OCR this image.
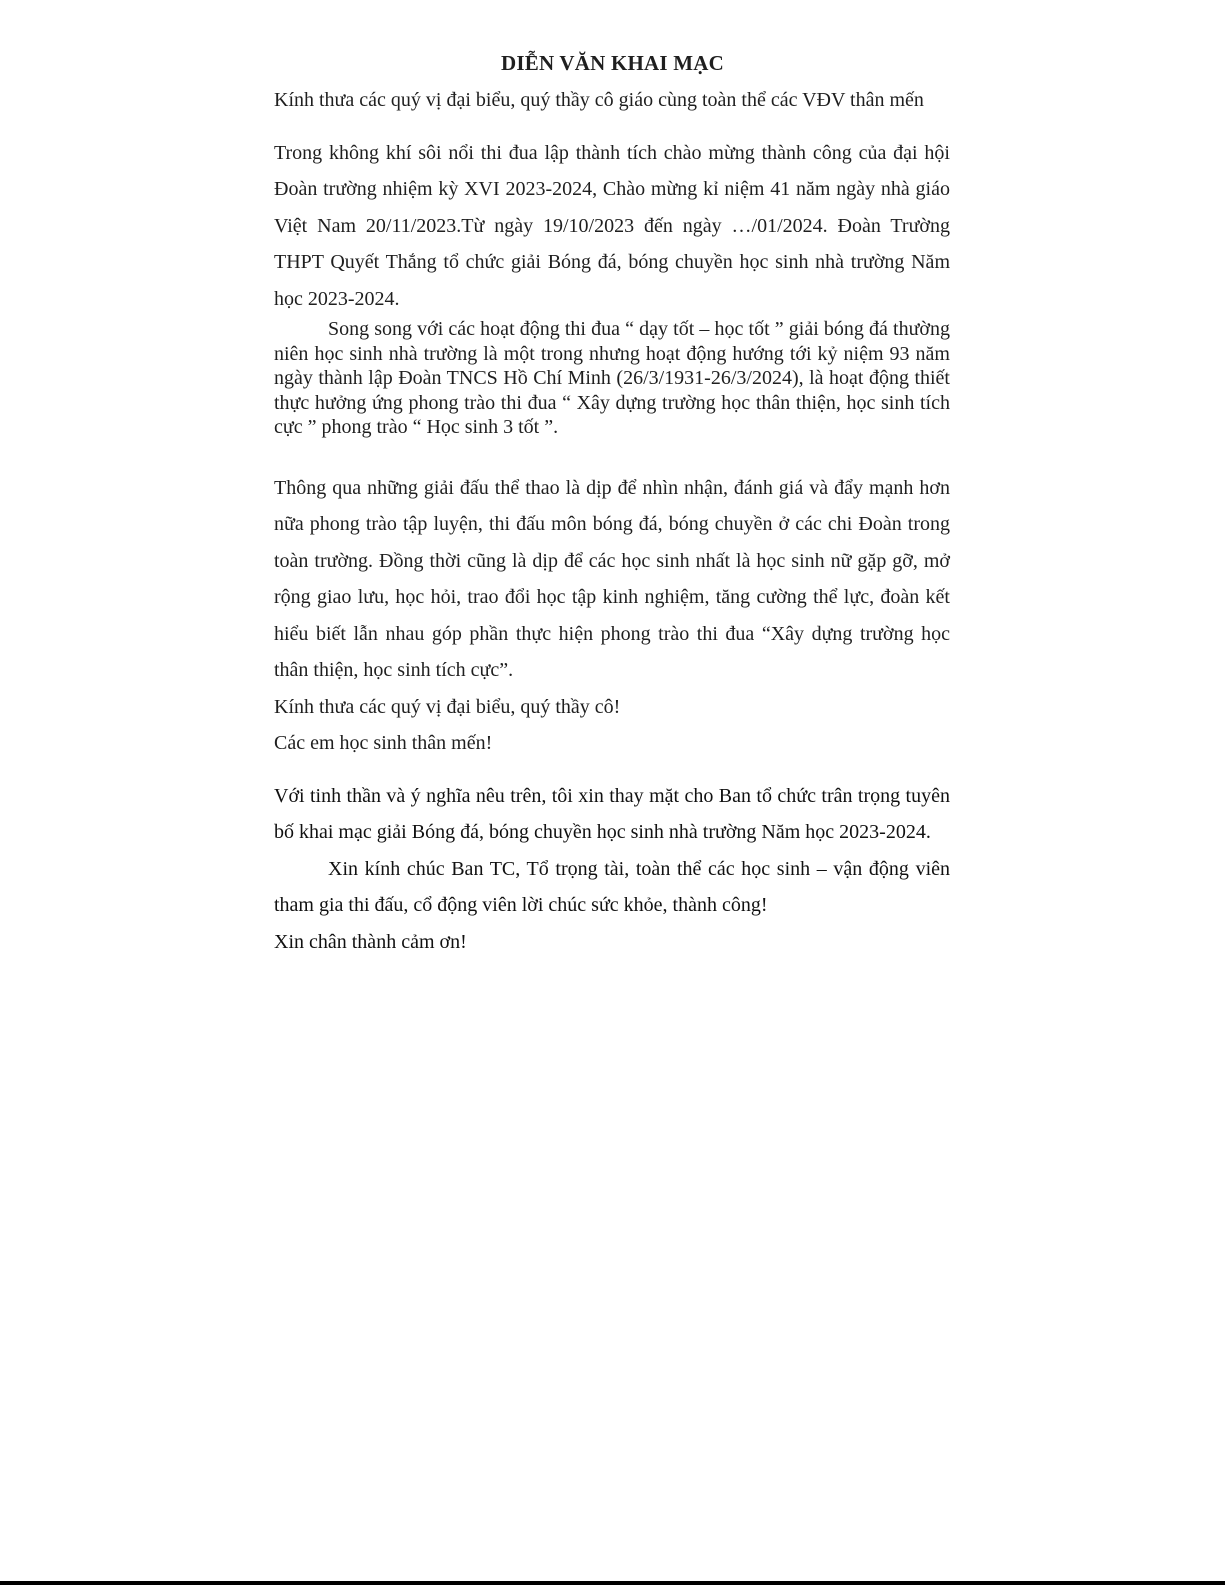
DIỄN VĂN KHAI MẠC

Kính thưa các quý vị đại biểu, quý thầy cô giáo cùng toàn thể các VĐV thân mến

Trong không khí sôi nổi thi đua lập thành tích chào mừng thành công của đại hội Đoàn trường nhiệm kỳ XVI 2023-2024, Chào mừng kỉ niệm 41 năm ngày nhà giáo Việt Nam 20/11/2023.Từ ngày 19/10/2023 đến ngày …/01/2024. Đoàn Trường THPT Quyết Thắng tổ chức giải Bóng đá, bóng chuyền học sinh nhà trường Năm học 2023-2024.

Song song với các hoạt động thi đua “ dạy tốt – học tốt ” giải bóng đá thường niên học sinh nhà trường là một trong nhưng hoạt động hướng tới kỷ niệm 93 năm ngày thành lập Đoàn TNCS Hồ Chí Minh (26/3/1931-26/3/2024), là hoạt động thiết thực hưởng ứng phong trào thi đua “ Xây dựng trường học thân thiện, học sinh tích cực ” phong trào “ Học sinh 3 tốt ”.

Thông qua những giải đấu thể thao là dịp để nhìn nhận, đánh giá và đẩy mạnh hơn nữa phong trào tập luyện, thi đấu môn bóng đá, bóng chuyền ở các chi Đoàn trong toàn trường. Đồng thời cũng là dịp để các học sinh nhất là học sinh nữ gặp gỡ, mở rộng giao lưu, học hỏi, trao đổi học tập kinh nghiệm, tăng cường thể lực, đoàn kết hiểu biết lẫn nhau góp phần thực hiện phong trào thi đua “Xây dựng trường học thân thiện, học sinh tích cực”.

Kính thưa các quý vị đại biểu, quý thầy cô!

Các em học sinh thân mến!

Với tinh thần và ý nghĩa nêu trên, tôi xin thay mặt cho Ban tổ chức trân trọng tuyên bố khai mạc giải Bóng đá, bóng chuyền học sinh nhà trường Năm học 2023-2024.

Xin kính chúc Ban TC, Tổ trọng tài, toàn thể các học sinh – vận động viên tham gia thi đấu, cổ động viên lời chúc sức khỏe, thành công!

Xin chân thành cảm ơn!
